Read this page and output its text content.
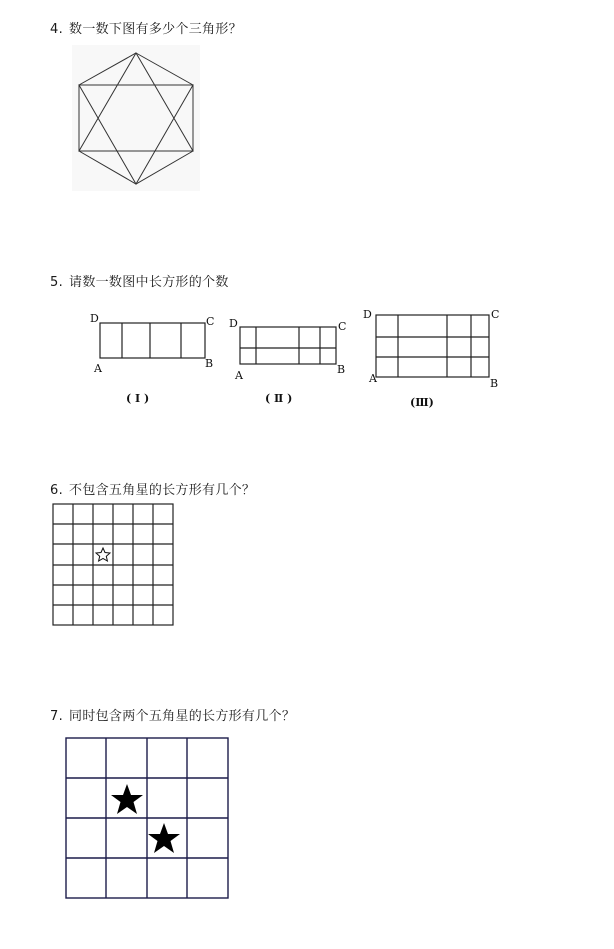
4. 数一数下图有多少个三角形？
5. 请数一数图中长方形的个数
D	C
A	B
( Ⅰ )
D	C
A	B
( Ⅱ )
D	C
A	B
(Ⅲ)
6. 不包含五角星的长方形有几个？
7. 同时包含两个五角星的长方形有几个？
